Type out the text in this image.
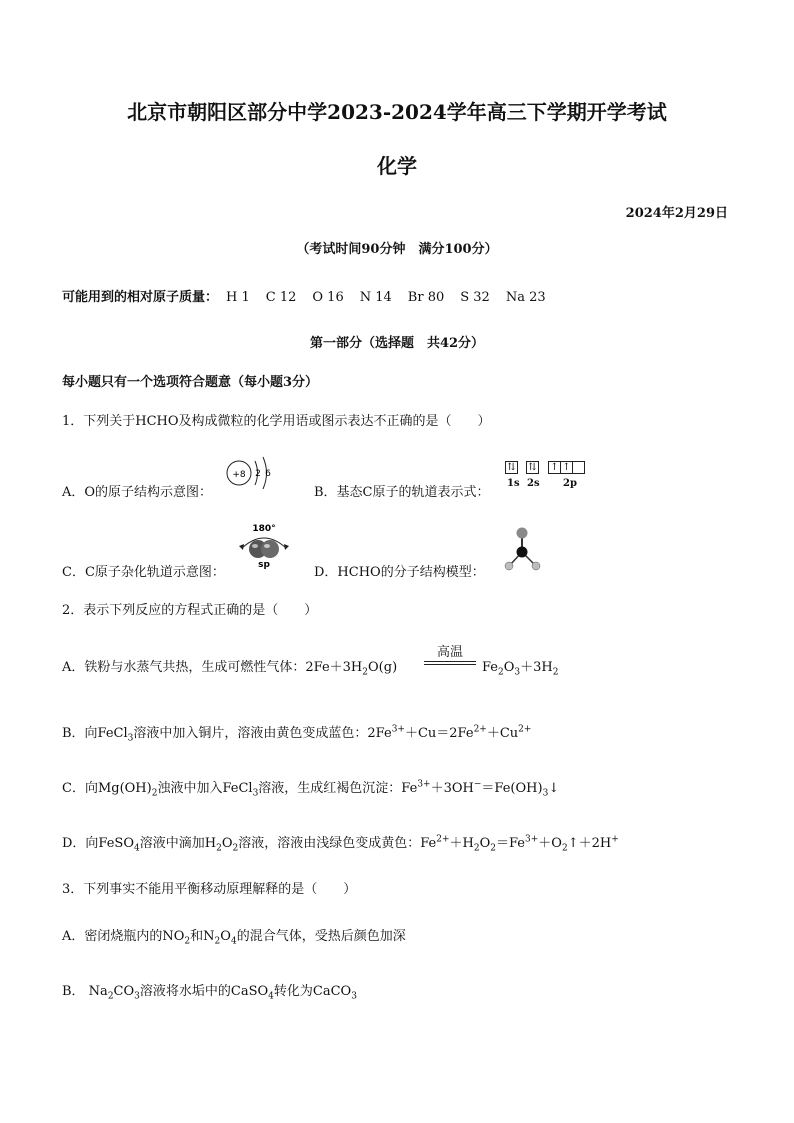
北京市朝阳区部分中学2023-2024学年高三下学期开学考试
化学
2024年2月29日
（考试时间90分钟　满分100分）
可能用到的相对原子质量： H 1 C 12 O 16 N 14 Br 80 S 32 Na 23
第一部分（选择题　共42分）
每小题只有一个选项符合题意（每小题3分）
1．下列关于HCHO及构成微粒的化学用语或图示表达不正确的是（　　）
A．O的原子结构示意图：
+8 2 6
B．基态C原子的轨道表示式：
⇅ ⇅ ↑ ↑
1s 2s 2p
C．C原子杂化轨道示意图：
180°
sp	D．HCHO的分子结构模型：
2．表示下列反应的方程式正确的是（　　）
A．铁粉与水蒸气共热，生成可燃性气体：$2Fe+3H_2O(g)$
高温
$Fe_2O_3+3H_2$
B．向FeCl$_3$溶液中加入铜片，溶液由黄色变成蓝色：$2Fe^{3+}+Cu=2Fe^{2+}+Cu^{2+}$
C．向$Mg(OH)_2$浊液中加入FeCl$_3$溶液，生成红褐色沉淀：$Fe^{3+}+3OH^-=Fe(OH)_3↓$
D．向FeSO$_4$溶液中滴加$H_2O_2$溶液，溶液由浅绿色变成黄色：$Fe^{2+}+H_2O_2=Fe^{3+}+O_2↑+2H^+$
3．下列事实不能用平衡移动原理解释的是（　　）
A．密闭烧瓶内的$NO_2$和$N_2O_4$的混合气体，受热后颜色加深
B． $Na_2CO_3$溶液将水垢中的CaSO$_4$转化为CaCO$_3$
